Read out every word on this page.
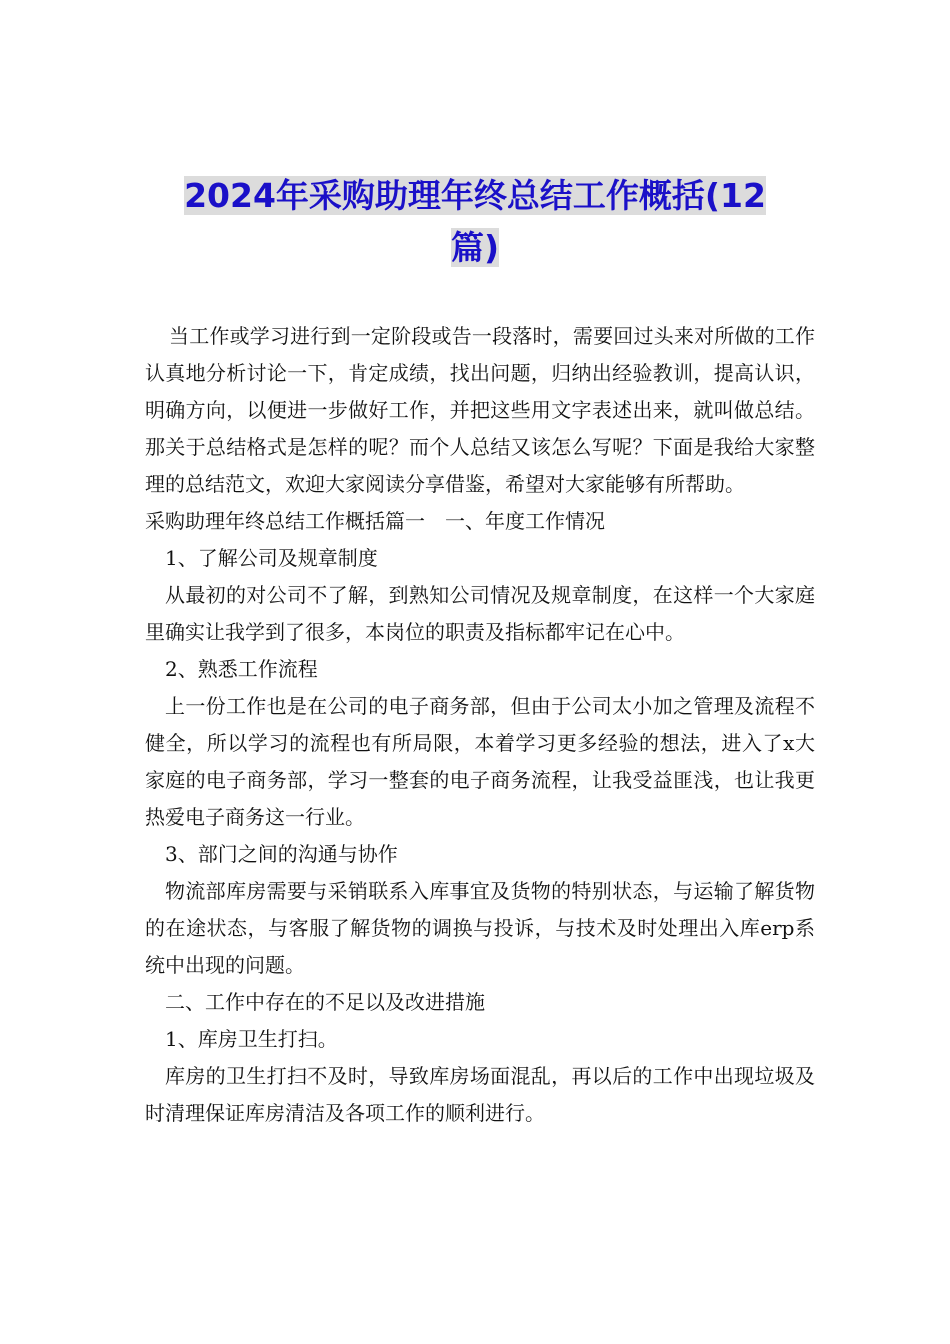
2024年采购助理年终总结工作概括(12
篇)

当工作或学习进行到一定阶段或告一段落时，需要回过头来对所做的工作认真地分析讨论一下，肯定成绩，找出问题，归纳出经验教训，提高认识，明确方向，以便进一步做好工作，并把这些用文字表述出来，就叫做总结。那关于总结格式是怎样的呢？而个人总结又该怎么写呢？下面是我给大家整理的总结范文，欢迎大家阅读分享借鉴，希望对大家能够有所帮助。

采购助理年终总结工作概括篇一　一、年度工作情况

1、了解公司及规章制度

从最初的对公司不了解，到熟知公司情况及规章制度，在这样一个大家庭里确实让我学到了很多，本岗位的职责及指标都牢记在心中。

2、熟悉工作流程

上一份工作也是在公司的电子商务部，但由于公司太小加之管理及流程不健全，所以学习的流程也有所局限，本着学习更多经验的想法，进入了x大家庭的电子商务部，学习一整套的电子商务流程，让我受益匪浅，也让我更热爱电子商务这一行业。

3、部门之间的沟通与协作

物流部库房需要与采销联系入库事宜及货物的特别状态，与运输了解货物的在途状态，与客服了解货物的调换与投诉，与技术及时处理出入库erp系统中出现的问题。

二、工作中存在的不足以及改进措施

1、库房卫生打扫。

库房的卫生打扫不及时，导致库房场面混乱，再以后的工作中出现垃圾及时清理保证库房清洁及各项工作的顺利进行。
